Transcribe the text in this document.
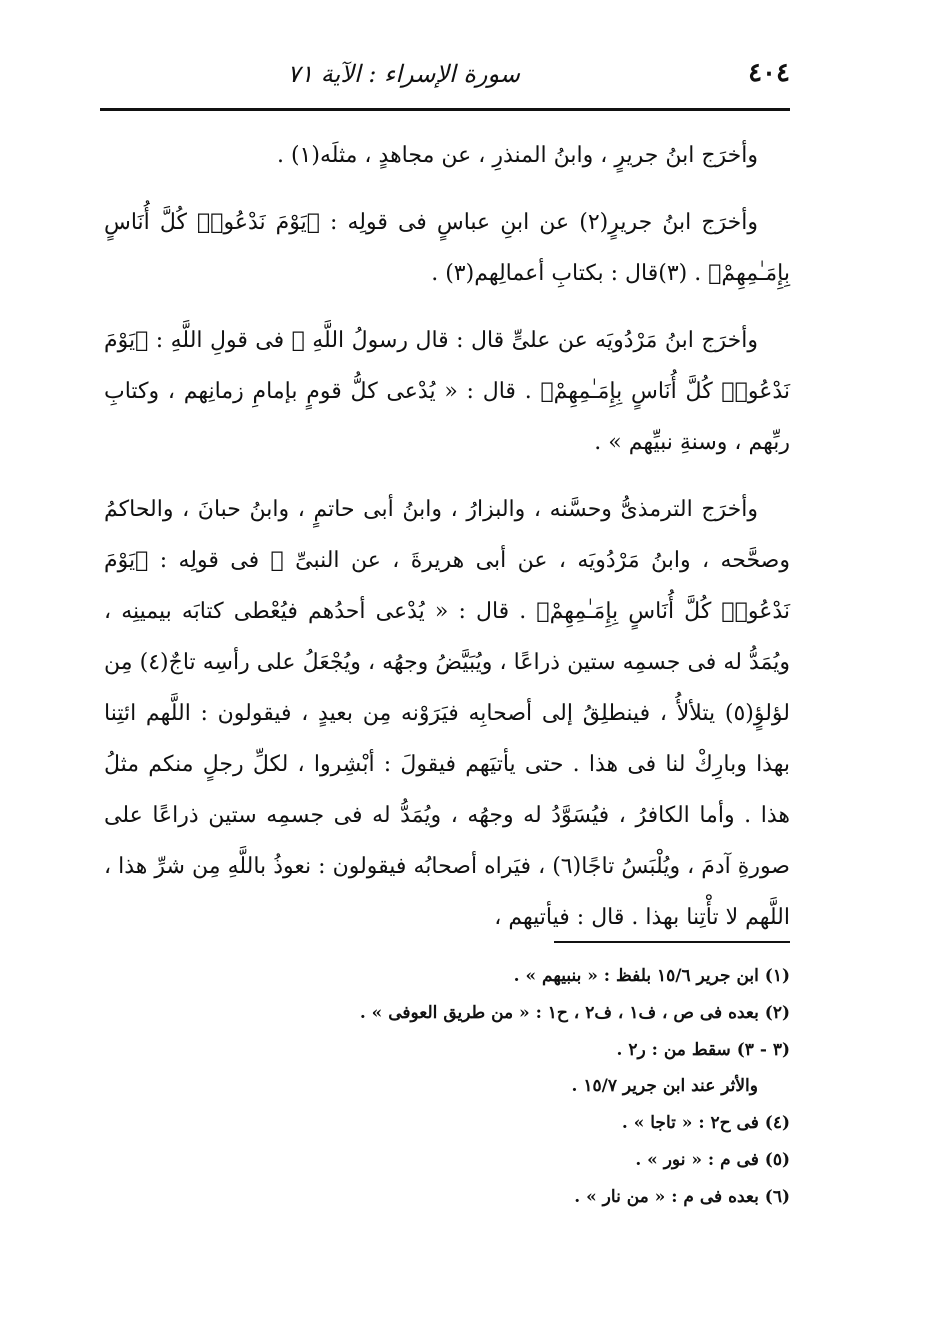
٤٠٤
سورة الإسراء : الآية ٧١

وأخرَج ابنُ جريرٍ ، وابنُ المنذرِ ، عن مجاهدٍ ، مثلَه(١) .

وأخرَج ابنُ جريرٍ(٢) عن ابنِ عباسٍ فى قولِه : ﴿يَوْمَ نَدْعُوا۟ كُلَّ أُنَاسٍ بِإِمَـٰمِهِمْ﴾ . (٣)قال : بكتابِ أعمالِهم(٣) .

وأخرَج ابنُ مَرْدُويَه عن علىٍّ قال : قال رسولُ اللَّهِ ﷺ فى قولِ اللَّهِ : ﴿يَوْمَ نَدْعُوا۟ كُلَّ أُنَاسٍ بِإِمَـٰمِهِمْ﴾ . قال : « يُدْعى كلُّ قومٍ بإمامِ زمانِهم ، وكتابِ ربِّهم ، وسنةِ نبيِّهم » .

وأخرَج الترمذىُّ وحسَّنه ، والبزارُ ، وابنُ أبى حاتمٍ ، وابنُ حبانَ ، والحاكمُ وصحَّحه ، وابنُ مَرْدُويَه ، عن أبى هريرةَ ، عن النبىِّ ﷺ فى قولِه : ﴿يَوْمَ نَدْعُوا۟ كُلَّ أُنَاسٍ بِإِمَـٰمِهِمْ﴾ . قال : « يُدْعى أحدُهم فيُعْطى كتابَه بيمينِه ، ويُمَدُّ له فى جسمِه ستين ذراعًا ، ويُبَيَّضُ وجهُه ، ويُجْعَلُ على رأسِه تاجٌ(٤) مِن لؤلؤٍ(٥) يتلألأُ ، فينطلِقُ إلى أصحابِه فيَرَوْنه مِن بعيدٍ ، فيقولون : اللَّهم ائتِنا بهذا وبارِكْ لنا فى هذا . حتى يأتيَهم فيقولَ : أبْشِروا ، لكلِّ رجلٍ منكم مثلُ هذا . وأما الكافرُ ، فيُسَوَّدُ له وجهُه ، ويُمَدُّ له فى جسمِه ستين ذراعًا على صورةِ آدمَ ، ويُلْبَسُ تاجًا(٦) ، فيَراه أصحابُه فيقولون : نعوذُ باللَّهِ مِن شرِّ هذا ، اللَّهم لا تأْتِنا بهذا . قال : فيأتيهم ،

(١) ابن جرير ١٥/٦ بلفظ : « بنبيهم » .
(٢) بعده فى ص ، ف١ ، ف٢ ، ح١ : « من طريق العوفى » .
(٣ - ٣) سقط من : ر٢ .
والأثر عند ابن جرير ١٥/٧ .
(٤) فى ح٢ : « تاجا » .
(٥) فى م : « نور » .
(٦) بعده فى م : « من نار » .
